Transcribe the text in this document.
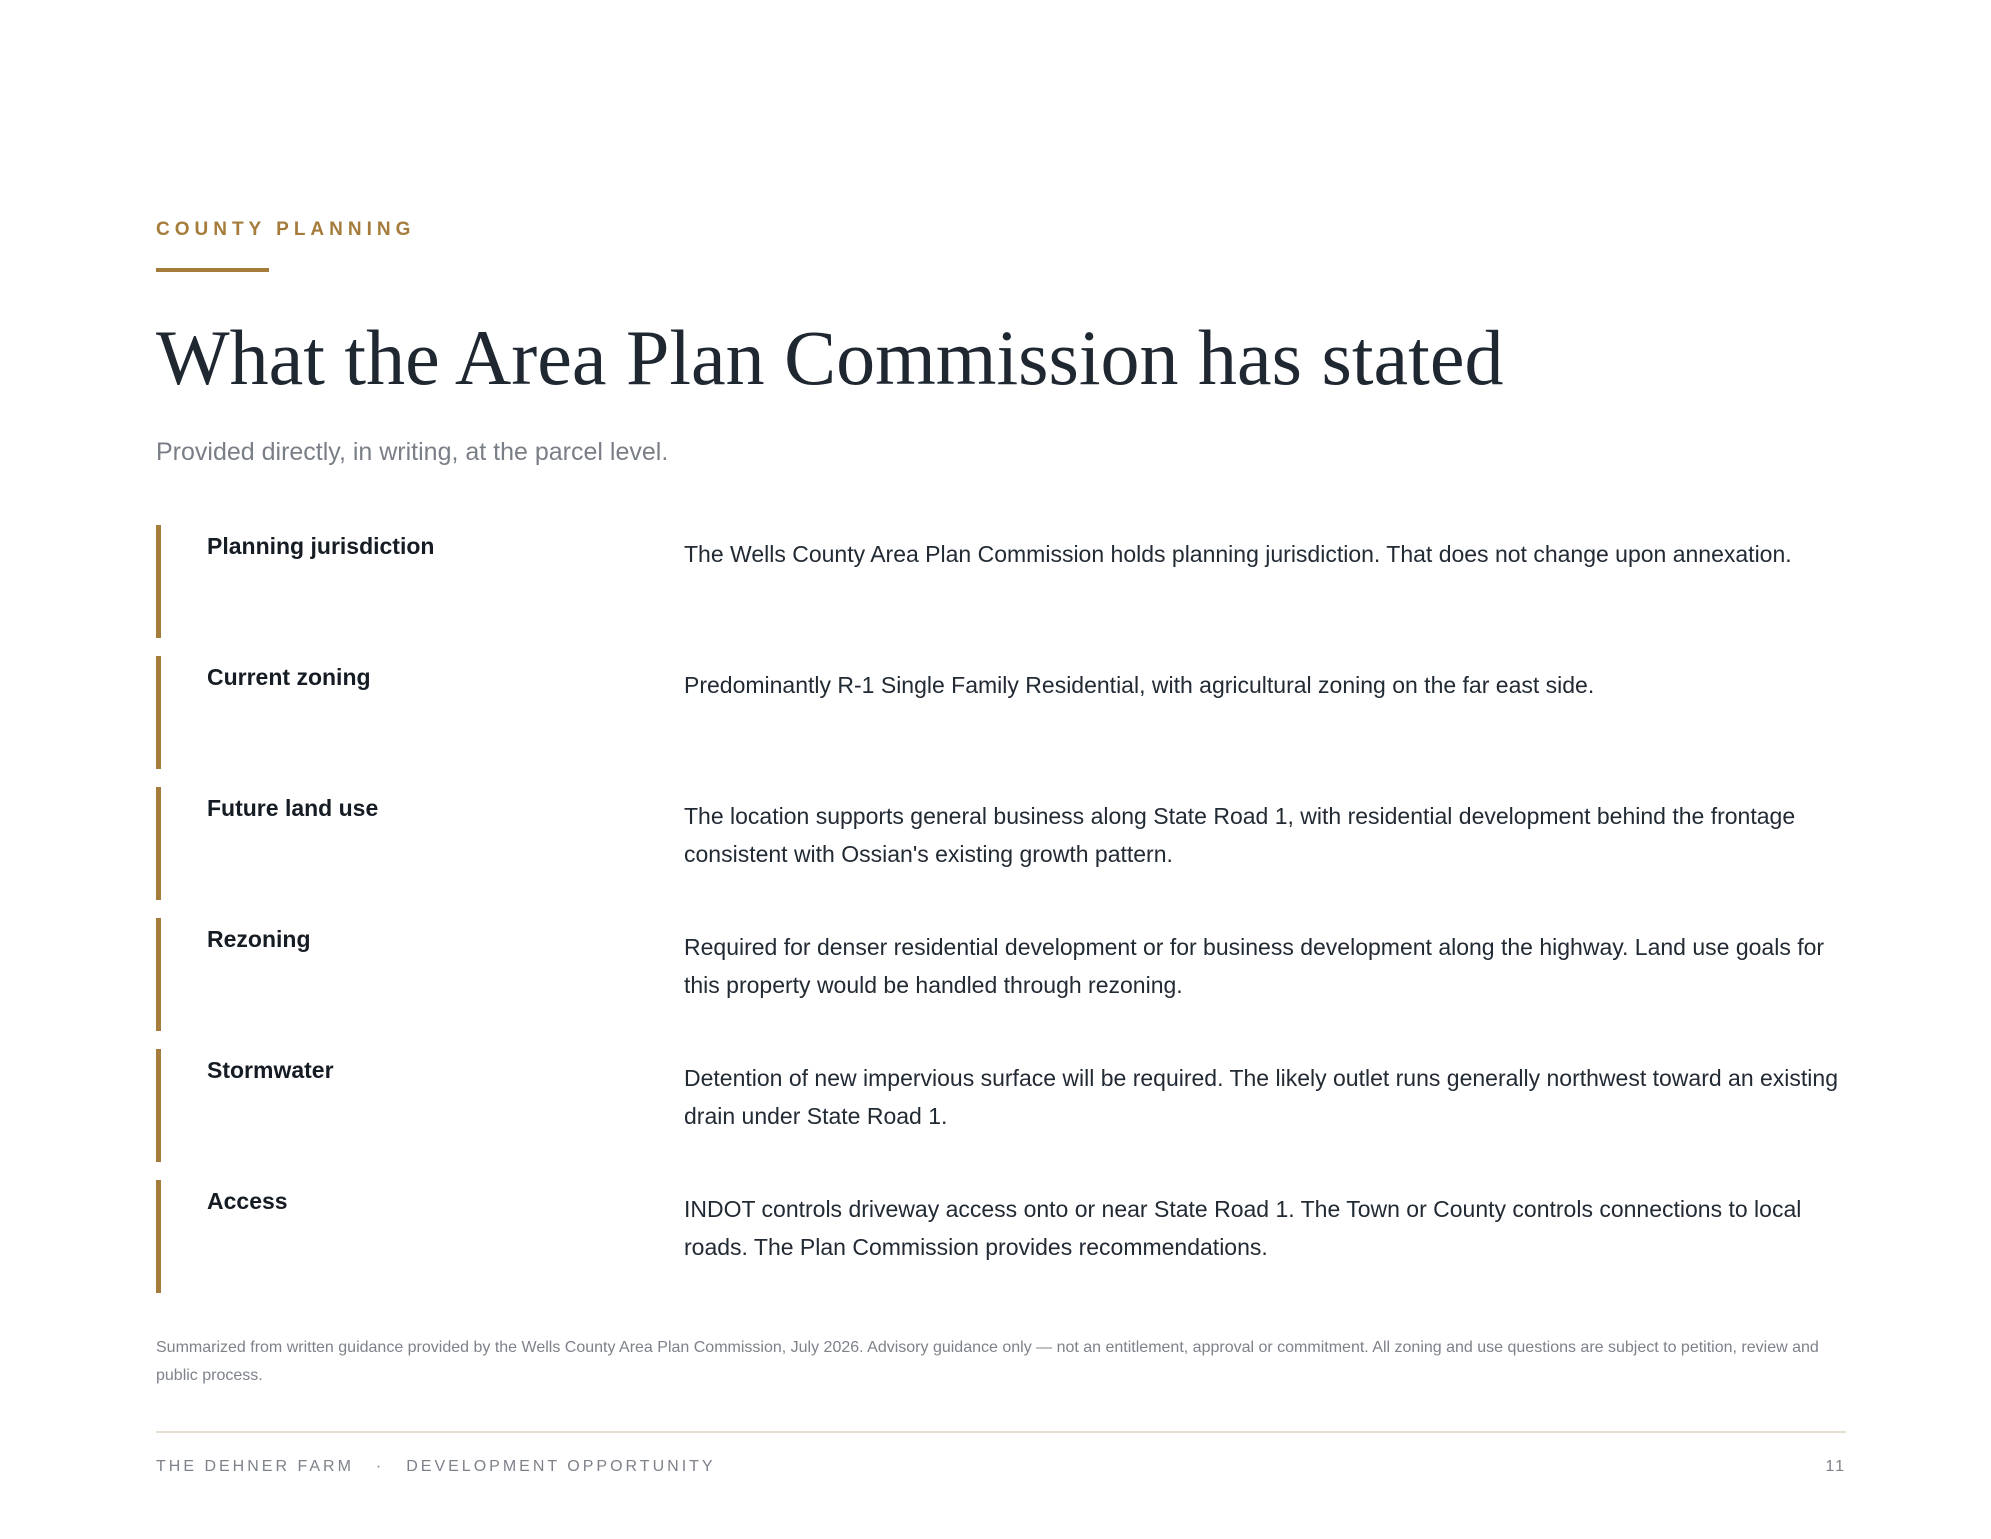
COUNTY PLANNING
What the Area Plan Commission has stated
Provided directly, in writing, at the parcel level.
Planning jurisdiction	The Wells County Area Plan Commission holds planning jurisdiction. That does not change upon annexation.
Current zoning	Predominantly R-1 Single Family Residential, with agricultural zoning on the far east side.
Future land use	The location supports general business along State Road 1, with residential development behind the frontage consistent with Ossian's existing growth pattern.
Rezoning	Required for denser residential development or for business development along the highway. Land use goals for this property would be handled through rezoning.
Stormwater	Detention of new impervious surface will be required. The likely outlet runs generally northwest toward an existing drain under State Road 1.
Access	INDOT controls driveway access onto or near State Road 1. The Town or County controls connections to local roads. The Plan Commission provides recommendations.
Summarized from written guidance provided by the Wells County Area Plan Commission, July 2026. Advisory guidance only — not an entitlement, approval or commitment. All zoning and use questions are subject to petition, review and public process.
THE DEHNER FARM · DEVELOPMENT OPPORTUNITY	11
